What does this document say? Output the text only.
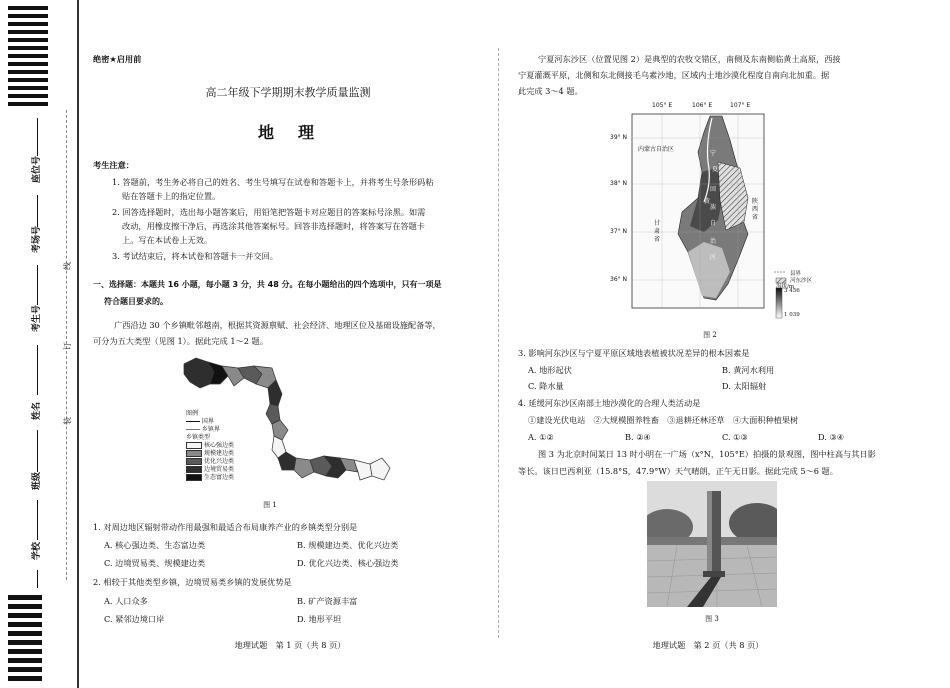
座位号
考场号
考生号
姓名
班级
学校
线
订
装
绝密★启用前
高二年级下学期期末教学质量监测
地　理
考生注意：
1. 答题前，考生务必将自己的姓名、考生号填写在试卷和答题卡上，并将考生号条形码粘
贴在答题卡上的指定位置。
2. 回答选择题时，选出每小题答案后，用铅笔把答题卡对应题目的答案标号涂黑。如需
改动，用橡皮擦干净后，再选涂其他答案标号。回答非选择题时，将答案写在答题卡
上。写在本试卷上无效。
3. 考试结束后，将本试卷和答题卡一并交回。
一、选择题：本题共 16 小题，每小题 3 分，共 48 分。在每小题给出的四个选项中，只有一项是
符合题目要求的。
广西沿边 30 个乡镇毗邻越南，根据其资源禀赋、社会经济、地理区位及基础设施配备等，
可分为五大类型（见图 1）。据此完成 1～2 题。
图例
国界
乡镇界
乡镇类型
核心强边类
规模建边类
优化兴边类
边境贸易类
生态富边类
图 1
1. 对周边地区辐射带动作用最强和最适合布局康养产业的乡镇类型分别是
A. 核心强边类、生态富边类	B. 规模建边类、优化兴边类
C. 边境贸易类、规模建边类	D. 优化兴边类、核心强边类
2. 相较于其他类型乡镇，边境贸易类乡镇的发展优势是
A. 人口众多	B. 矿产资源丰富
C. 紧邻边境口岸	D. 地形平坦
地理试题　第 1 页（共 8 页）
宁夏河东沙区（位置见图 2）是典型的农牧交错区，南侧及东南侧临黄土高原，西接
宁夏灌溉平原，北侧和东北侧接毛乌素沙地，区域内土地沙漠化程度自南向北加重。据
此完成 3～4 题。
105° E	106° E	107° E
39° N
38° N
37° N
36° N
内蒙古自治区
甘
肃
省
陕
西
省
黄
宁
夏
回
族
自
治
区
县界
河东沙区
海拔/m
3 456
1 039
图 2
3. 影响河东沙区与宁夏平原区域地表植被状况差异的根本因素是
A. 地形起伏	B. 黄河水利用
C. 降水量	D. 太阳辐射
4. 延缓河东沙区南部土地沙漠化的合理人类活动是
①建设光伏电站　②大规模圈养牲畜　③退耕还林还草　④大面积种植果树
A. ①②	B. ②④	C. ①③	D. ③④
图 3 为北京时间某日 13 时小明在一广场（x°N，105°E）拍摄的景观图，图中柱高与其日影
等长。该日巴西利亚（15.8°S，47.9°W）天气晴朗，正午无日影。据此完成 5～6 题。
图 3
地理试题　第 2 页（共 8 页）
